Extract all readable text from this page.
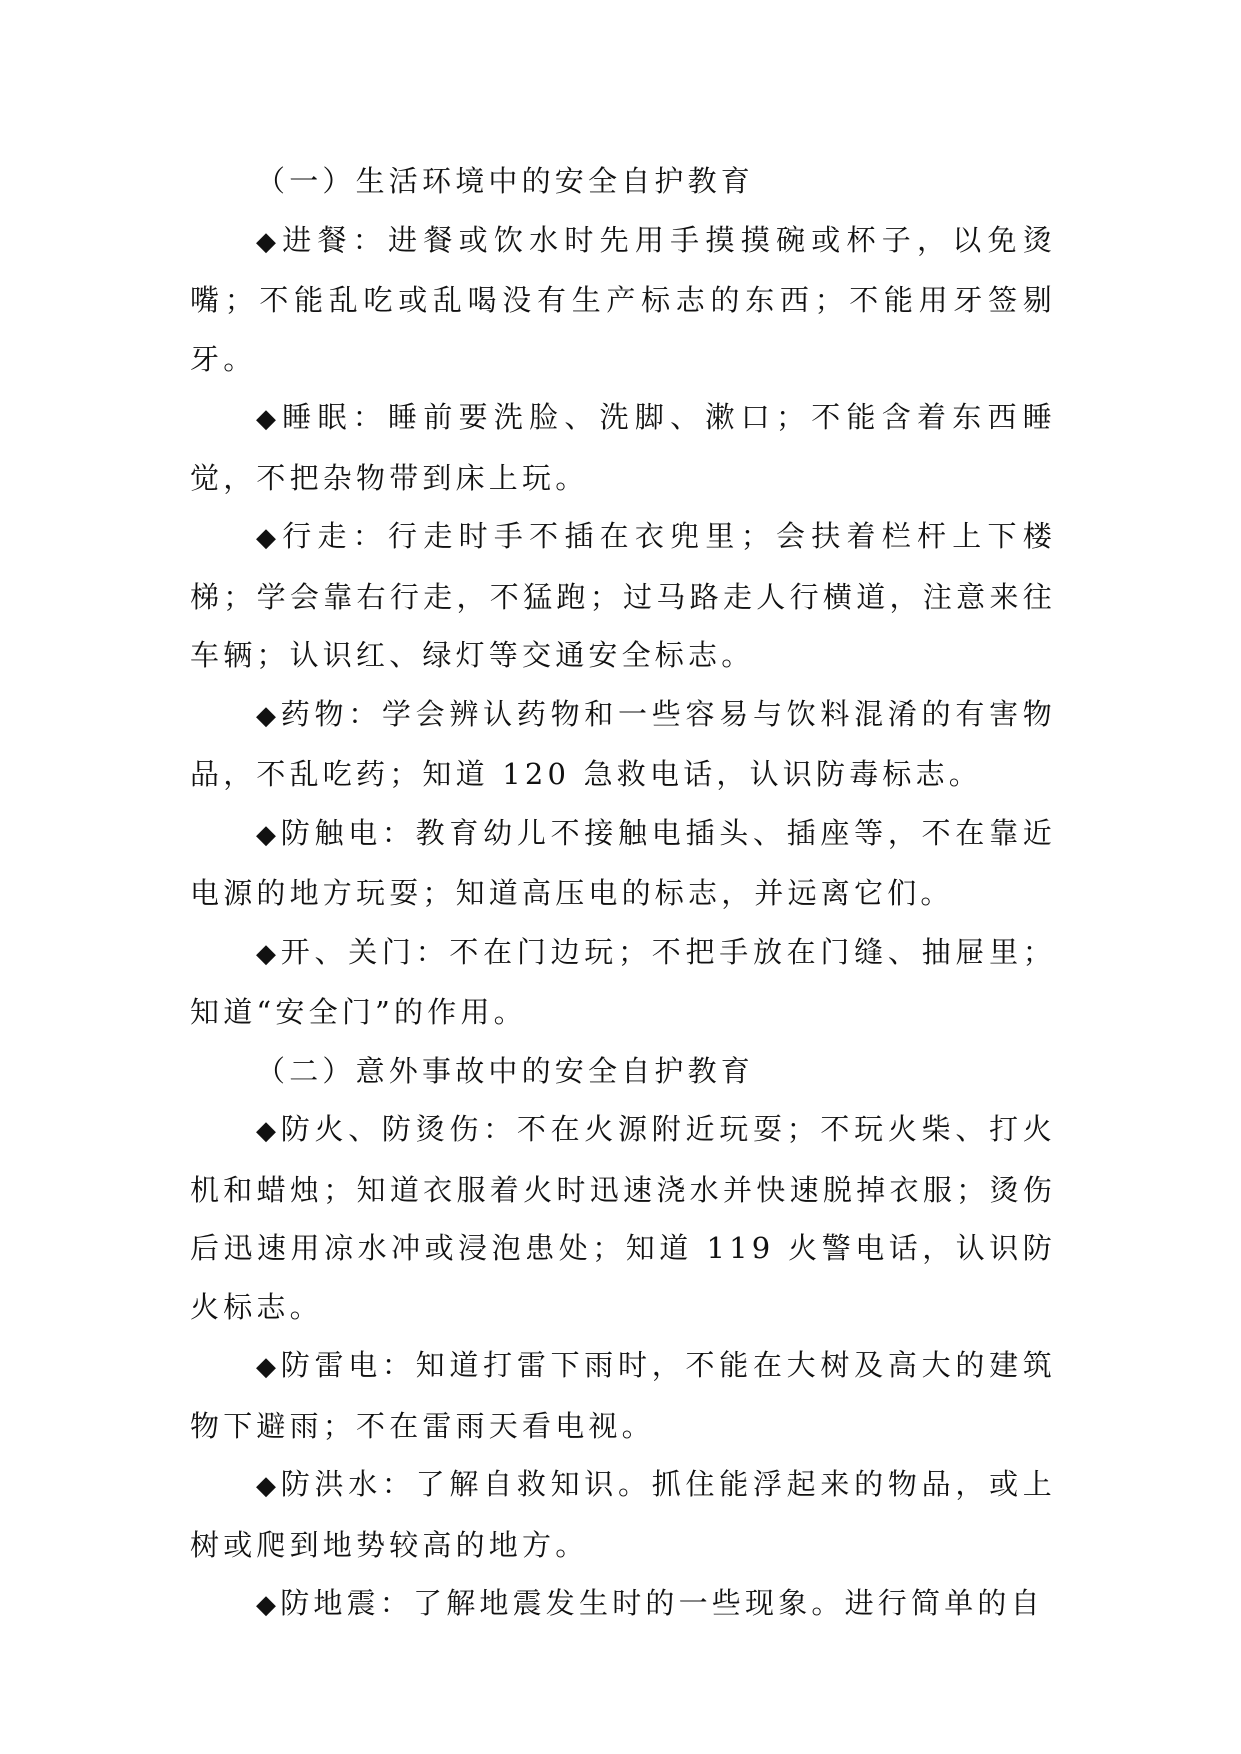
（一）生活环境中的安全自护教育

◆进餐：进餐或饮水时先用手摸摸碗或杯子，以免烫嘴；不能乱吃或乱喝没有生产标志的东西；不能用牙签剔牙。

◆睡眠：睡前要洗脸、洗脚、漱口；不能含着东西睡觉，不把杂物带到床上玩。

◆行走：行走时手不插在衣兜里；会扶着栏杆上下楼梯；学会靠右行走，不猛跑；过马路走人行横道，注意来往车辆；认识红、绿灯等交通安全标志。

◆药物：学会辨认药物和一些容易与饮料混淆的有害物品，不乱吃药；知道 120 急救电话，认识防毒标志。

◆防触电：教育幼儿不接触电插头、插座等，不在靠近电源的地方玩耍；知道高压电的标志，并远离它们。

◆开、关门：不在门边玩；不把手放在门缝、抽屉里；知道“安全门”的作用。

（二）意外事故中的安全自护教育

◆防火、防烫伤：不在火源附近玩耍；不玩火柴、打火机和蜡烛；知道衣服着火时迅速浇水并快速脱掉衣服；烫伤后迅速用凉水冲或浸泡患处；知道 119 火警电话，认识防火标志。

◆防雷电：知道打雷下雨时，不能在大树及高大的建筑物下避雨；不在雷雨天看电视。

◆防洪水：了解自救知识。抓住能浮起来的物品，或上树或爬到地势较高的地方。

◆防地震：了解地震发生时的一些现象。进行简单的自
